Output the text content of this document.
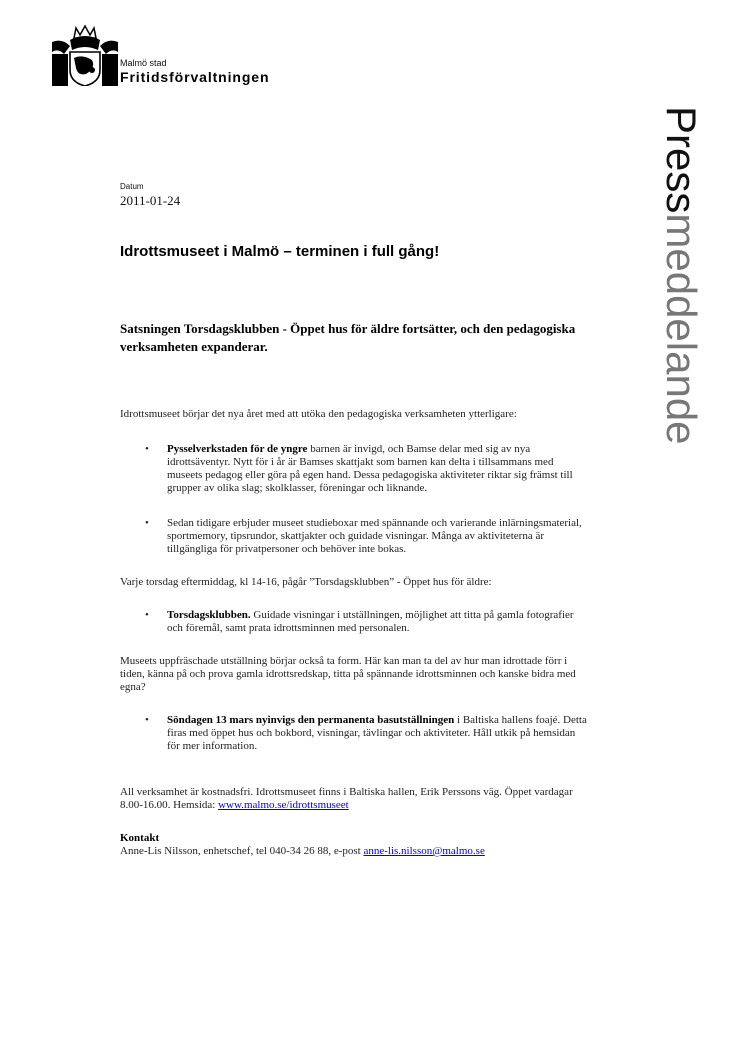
Malmö stad
Fritidsförvaltningen
Pressmeddelande
Datum
2011-01-24
Idrottsmuseet i Malmö – terminen i full gång!
Satsningen Torsdagsklubben - Öppet hus för äldre fortsätter, och den pedagogiska verksamheten expanderar.

Idrottsmuseet börjar det nya året med att utöka den pedagogiska verksamheten ytterligare:

• Pysselverkstaden för de yngre barnen är invigd, och Bamse delar med sig av nya idrottsäventyr. Nytt för i år är Bamses skattjakt som barnen kan delta i tillsammans med museets pedagog eller göra på egen hand. Dessa pedagogiska aktiviteter riktar sig främst till grupper av olika slag; skolklasser, föreningar och liknande.
• Sedan tidigare erbjuder museet studieboxar med spännande och varierande inlärningsmaterial, sportmemory, tipsrundor, skattjakter och guidade visningar. Många av aktiviteterna är tillgängliga för privatpersoner och behöver inte bokas.

Varje torsdag eftermiddag, kl 14-16, pågår ”Torsdagsklubben” - Öppet hus för äldre:

• Torsdagsklubben. Guidade visningar i utställningen, möjlighet att titta på gamla fotografier och föremål, samt prata idrottsminnen med personalen.

Museets uppfräschade utställning börjar också ta form. Här kan man ta del av hur man idrottade förr i tiden, känna på och prova gamla idrottsredskap, titta på spännande idrottsminnen och kanske bidra med egna?

• Söndagen 13 mars nyinvigs den permanenta basutställningen i Baltiska hallens foajé. Detta firas med öppet hus och bokbord, visningar, tävlingar och aktiviteter. Håll utkik på hemsidan för mer information.

All verksamhet är kostnadsfri. Idrottsmuseet finns i Baltiska hallen, Erik Perssons väg. Öppet vardagar 8.00-16.00. Hemsida: www.malmo.se/idrottsmuseet

Kontakt

Anne-Lis Nilsson, enhetschef, tel 040-34 26 88, e-post anne-lis.nilsson@malmo.se
